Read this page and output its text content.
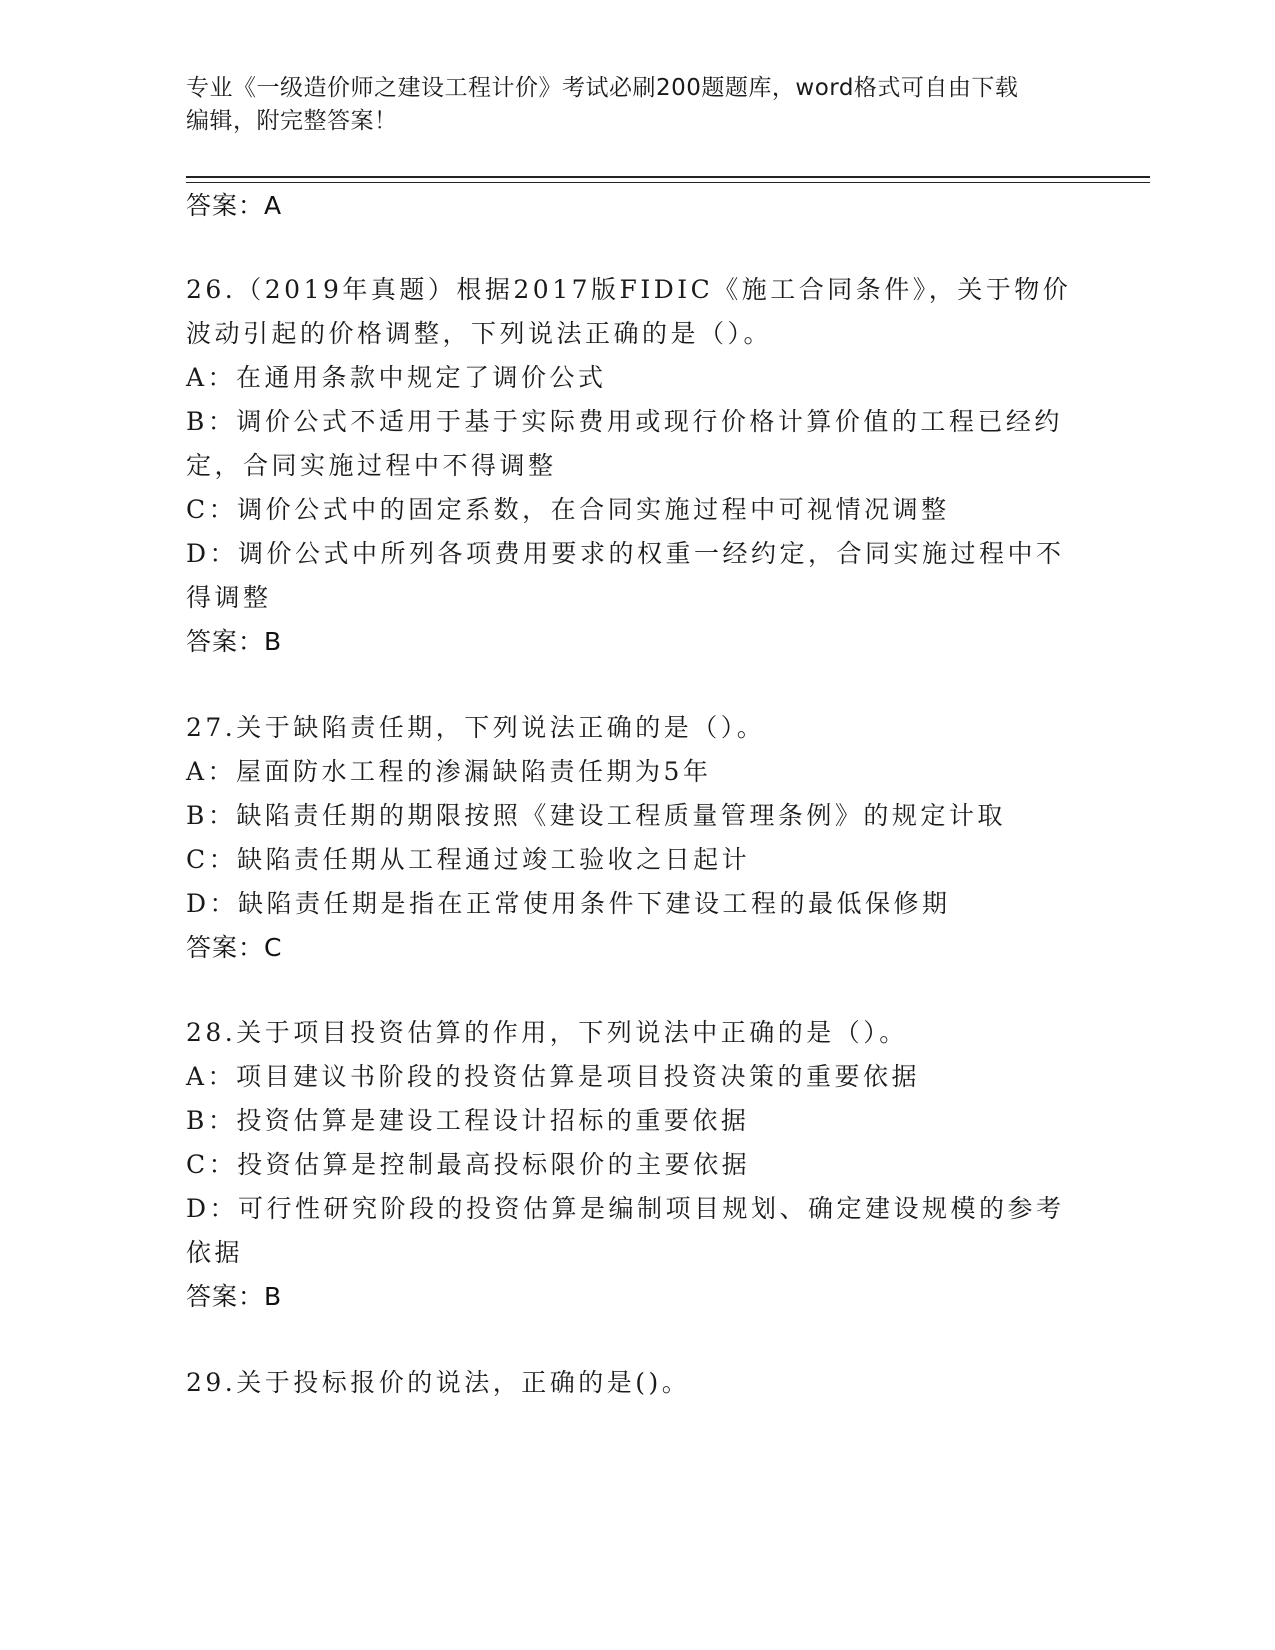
专业《一级造价师之建设工程计价》考试必刷200题题库，word格式可自由下载
编辑，附完整答案！
答案：A
26.（2019年真题）根据2017版FIDIC《施工合同条件》，关于物价
波动引起的价格调整，下列说法正确的是（）。
A：在通用条款中规定了调价公式
B：调价公式不适用于基于实际费用或现行价格计算价值的工程已经约
定，合同实施过程中不得调整
C：调价公式中的固定系数，在合同实施过程中可视情况调整
D：调价公式中所列各项费用要求的权重一经约定，合同实施过程中不
得调整
答案：B
27.关于缺陷责任期，下列说法正确的是（）。
A：屋面防水工程的渗漏缺陷责任期为5年
B：缺陷责任期的期限按照《建设工程质量管理条例》的规定计取
C：缺陷责任期从工程通过竣工验收之日起计
D：缺陷责任期是指在正常使用条件下建设工程的最低保修期
答案：C
28.关于项目投资估算的作用，下列说法中正确的是（）。
A：项目建议书阶段的投资估算是项目投资决策的重要依据
B：投资估算是建设工程设计招标的重要依据
C：投资估算是控制最高投标限价的主要依据
D：可行性研究阶段的投资估算是编制项目规划、确定建设规模的参考
依据
答案：B
29.关于投标报价的说法，正确的是()。
